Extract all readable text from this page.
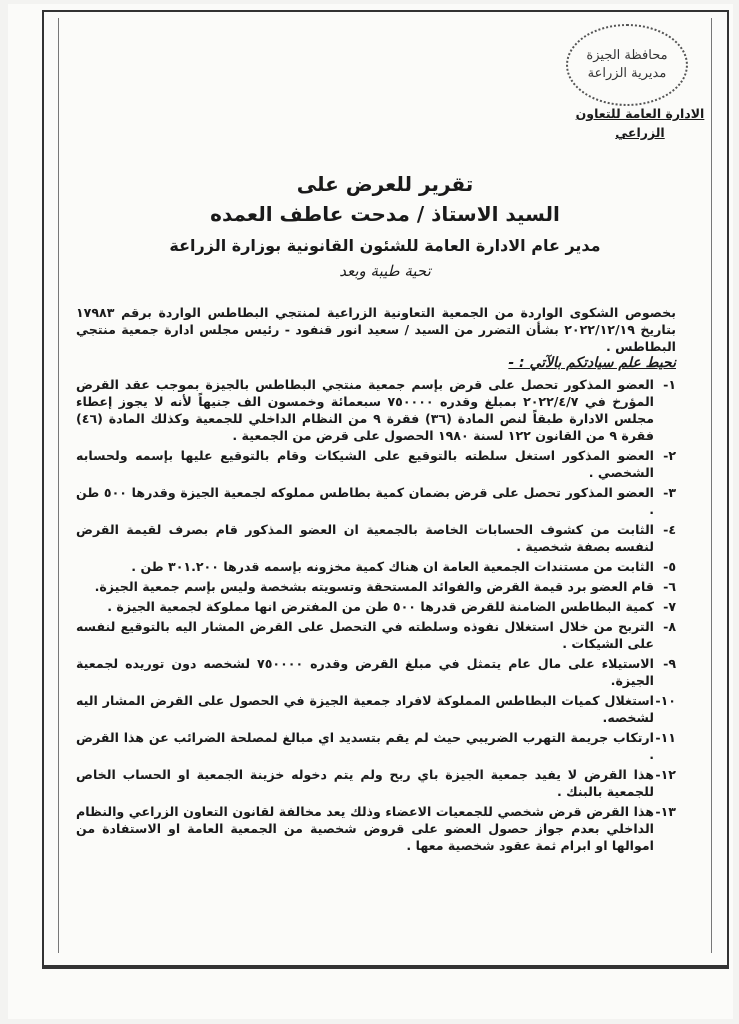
محافظة الجيزة
مديرية الزراعة
الادارة العامة للتعاون
الزراعي
تقرير للعرض على
السيد الاستاذ / مدحت عاطف العمده
مدير عام الادارة العامة للشئون القانونية بوزارة الزراعة
تحية طيبة وبعد

بخصوص الشكوى الواردة من الجمعية التعاونية الزراعية لمنتجي البطاطس الواردة برقم ١٧٩٨٣ بتاريخ ٢٠٢٢/١٢/١٩ بشأن التضرر من السيد / سعيد انور قنفود - رئيس مجلس ادارة جمعية منتجي البطاطس .

نحيط علم سيادتكم بالآتي : -

١-
العضو المذكور تحصل على قرض بإسم جمعية منتجي البطاطس بالجيزة بموجب عقد القرض المؤرخ في ٢٠٢٢/٤/٧ بمبلغ وقدره ٧٥٠٠٠٠ سبعمائة وخمسون الف جنيهاً لأنه لا يجوز إعطاء مجلس الادارة طبقاً لنص المادة (٣٦) فقرة ٩ من النظام الداخلي للجمعية وكذلك المادة (٤٦) فقرة ٩ من القانون ١٢٢ لسنة ١٩٨٠ الحصول على قرض من الجمعية .

٢-
العضو المذكور استغل سلطته بالتوقيع على الشيكات وقام بالتوقيع عليها بإسمه ولحسابه الشخصي .

٣-
العضو المذكور تحصل على قرض بضمان كمية بطاطس مملوكه لجمعية الجيزة وقدرها ٥٠٠ طن .

٤-
الثابت من كشوف الحسابات الخاصة بالجمعية ان العضو المذكور قام بصرف لقيمة القرض لنفسه بصفة شخصية .

٥-
الثابت من مستندات الجمعية العامة ان هناك كمية مخزونه بإسمه قدرها ٣٠١.٢٠٠ طن .

٦-
قام العضو برد قيمة القرض والفوائد المستحقة وتسويته بشخصة وليس بإسم جمعية الجيزة.

٧-
كمية البطاطس الضامنة للقرض قدرها ٥٠٠ طن من المفترض انها مملوكة لجمعية الجيزة .

٨-
التربح من خلال استغلال نفوذه وسلطته في التحصل على القرض المشار اليه بالتوقيع لنفسه على الشيكات .

٩-
الاستيلاء على مال عام يتمثل في مبلغ القرض وقدره ٧٥٠٠٠٠ لشخصه دون توريده لجمعية الجيزة.

١٠-
استغلال كميات البطاطس المملوكة لافراد جمعية الجيزة في الحصول على القرض المشار اليه لشخصه.

١١-
ارتكاب جريمة التهرب الضريبي حيث لم يقم بتسديد اي مبالغ لمصلحة الضرائب عن هذا القرض .

١٢-
هذا القرض لا يفيد جمعية الجيزة باي ربح ولم يتم دخوله خزينة الجمعية او الحساب الخاص للجمعية بالبنك .

١٣-
هذا القرض قرض شخصي للجمعيات الاعضاء وذلك يعد مخالفة لقانون التعاون الزراعي والنظام الداخلي بعدم جواز حصول العضو على قروض شخصية من الجمعية العامة او الاستفادة من اموالها او ابرام ثمة عقود شخصية معها .
